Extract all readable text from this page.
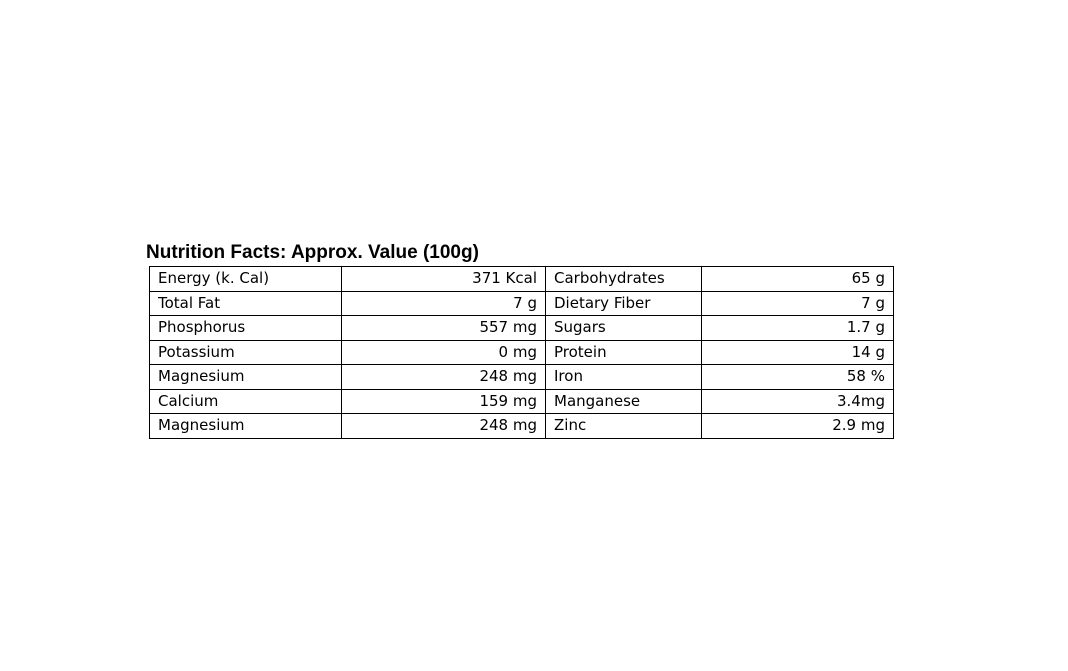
Nutrition Facts: Approx. Value (100g)
Energy (k. Cal)	371 Kcal	Carbohydrates	65 g
Total Fat	7 g	Dietary Fiber	7 g
Phosphorus	557 mg	Sugars	1.7 g
Potassium	0 mg	Protein	14 g
Magnesium	248 mg	Iron	58 %
Calcium	159 mg	Manganese	3.4mg
Magnesium	248 mg	Zinc	2.9 mg
